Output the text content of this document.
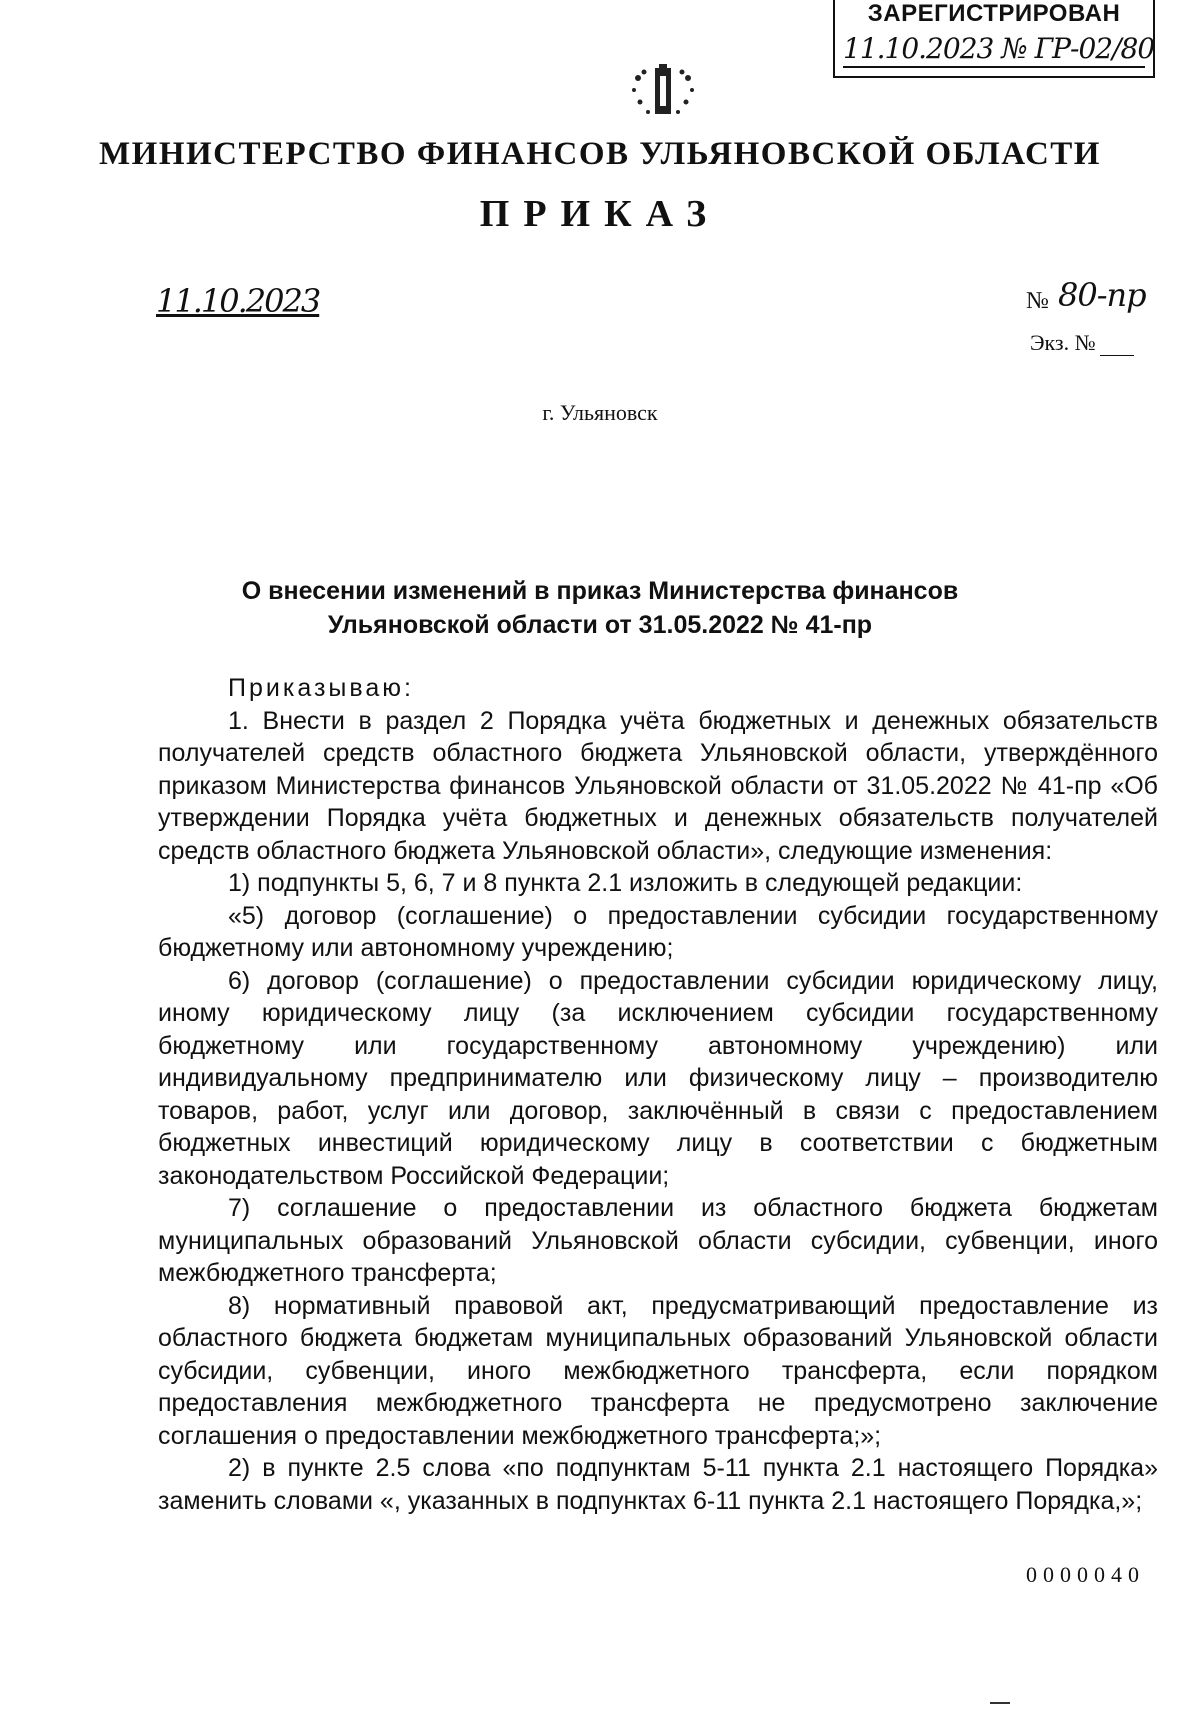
ЗАРЕГИСТРИРОВАН
11.10.2023 № ГР-02/80
МИНИСТЕРСТВО ФИНАНСОВ УЛЬЯНОВСКОЙ ОБЛАСТИ
ПРИКАЗ
11.10.2023	№ 80-пр
Экз. №
г. Ульяновск
О внесении изменений в приказ Министерства финансов
Ульяновской области от 31.05.2022 № 41-пр

Приказываю:

1. Внести в раздел 2 Порядка учёта бюджетных и денежных обязательств получателей средств областного бюджета Ульяновской области, утверждённого приказом Министерства финансов Ульяновской области от 31.05.2022 № 41-пр «Об утверждении Порядка учёта бюджетных и денежных обязательств получателей средств областного бюджета Ульяновской области», следующие изменения:

1) подпункты 5, 6, 7 и 8 пункта 2.1 изложить в следующей редакции:

«5) договор (соглашение) о предоставлении субсидии государственному бюджетному или автономному учреждению;

6) договор (соглашение) о предоставлении субсидии юридическому лицу, иному юридическому лицу (за исключением субсидии государственному бюджетному или государственному автономному учреждению) или индивидуальному предпринимателю или физическому лицу – производителю товаров, работ, услуг или договор, заключённый в связи с предоставлением бюджетных инвестиций юридическому лицу в соответствии с бюджетным законодательством Российской Федерации;

7) соглашение о предоставлении из областного бюджета бюджетам муниципальных образований Ульяновской области субсидии, субвенции, иного межбюджетного трансферта;

8) нормативный правовой акт, предусматривающий предоставление из областного бюджета бюджетам муниципальных образований Ульяновской области субсидии, субвенции, иного межбюджетного трансферта, если порядком предоставления межбюджетного трансферта не предусмотрено заключение соглашения о предоставлении межбюджетного трансферта;»;

2) в пункте 2.5 слова «по подпунктам 5-11 пункта 2.1 настоящего Порядка» заменить словами «, указанных в подпунктах 6-11 пункта 2.1 настоящего Порядка,»;

0000040
